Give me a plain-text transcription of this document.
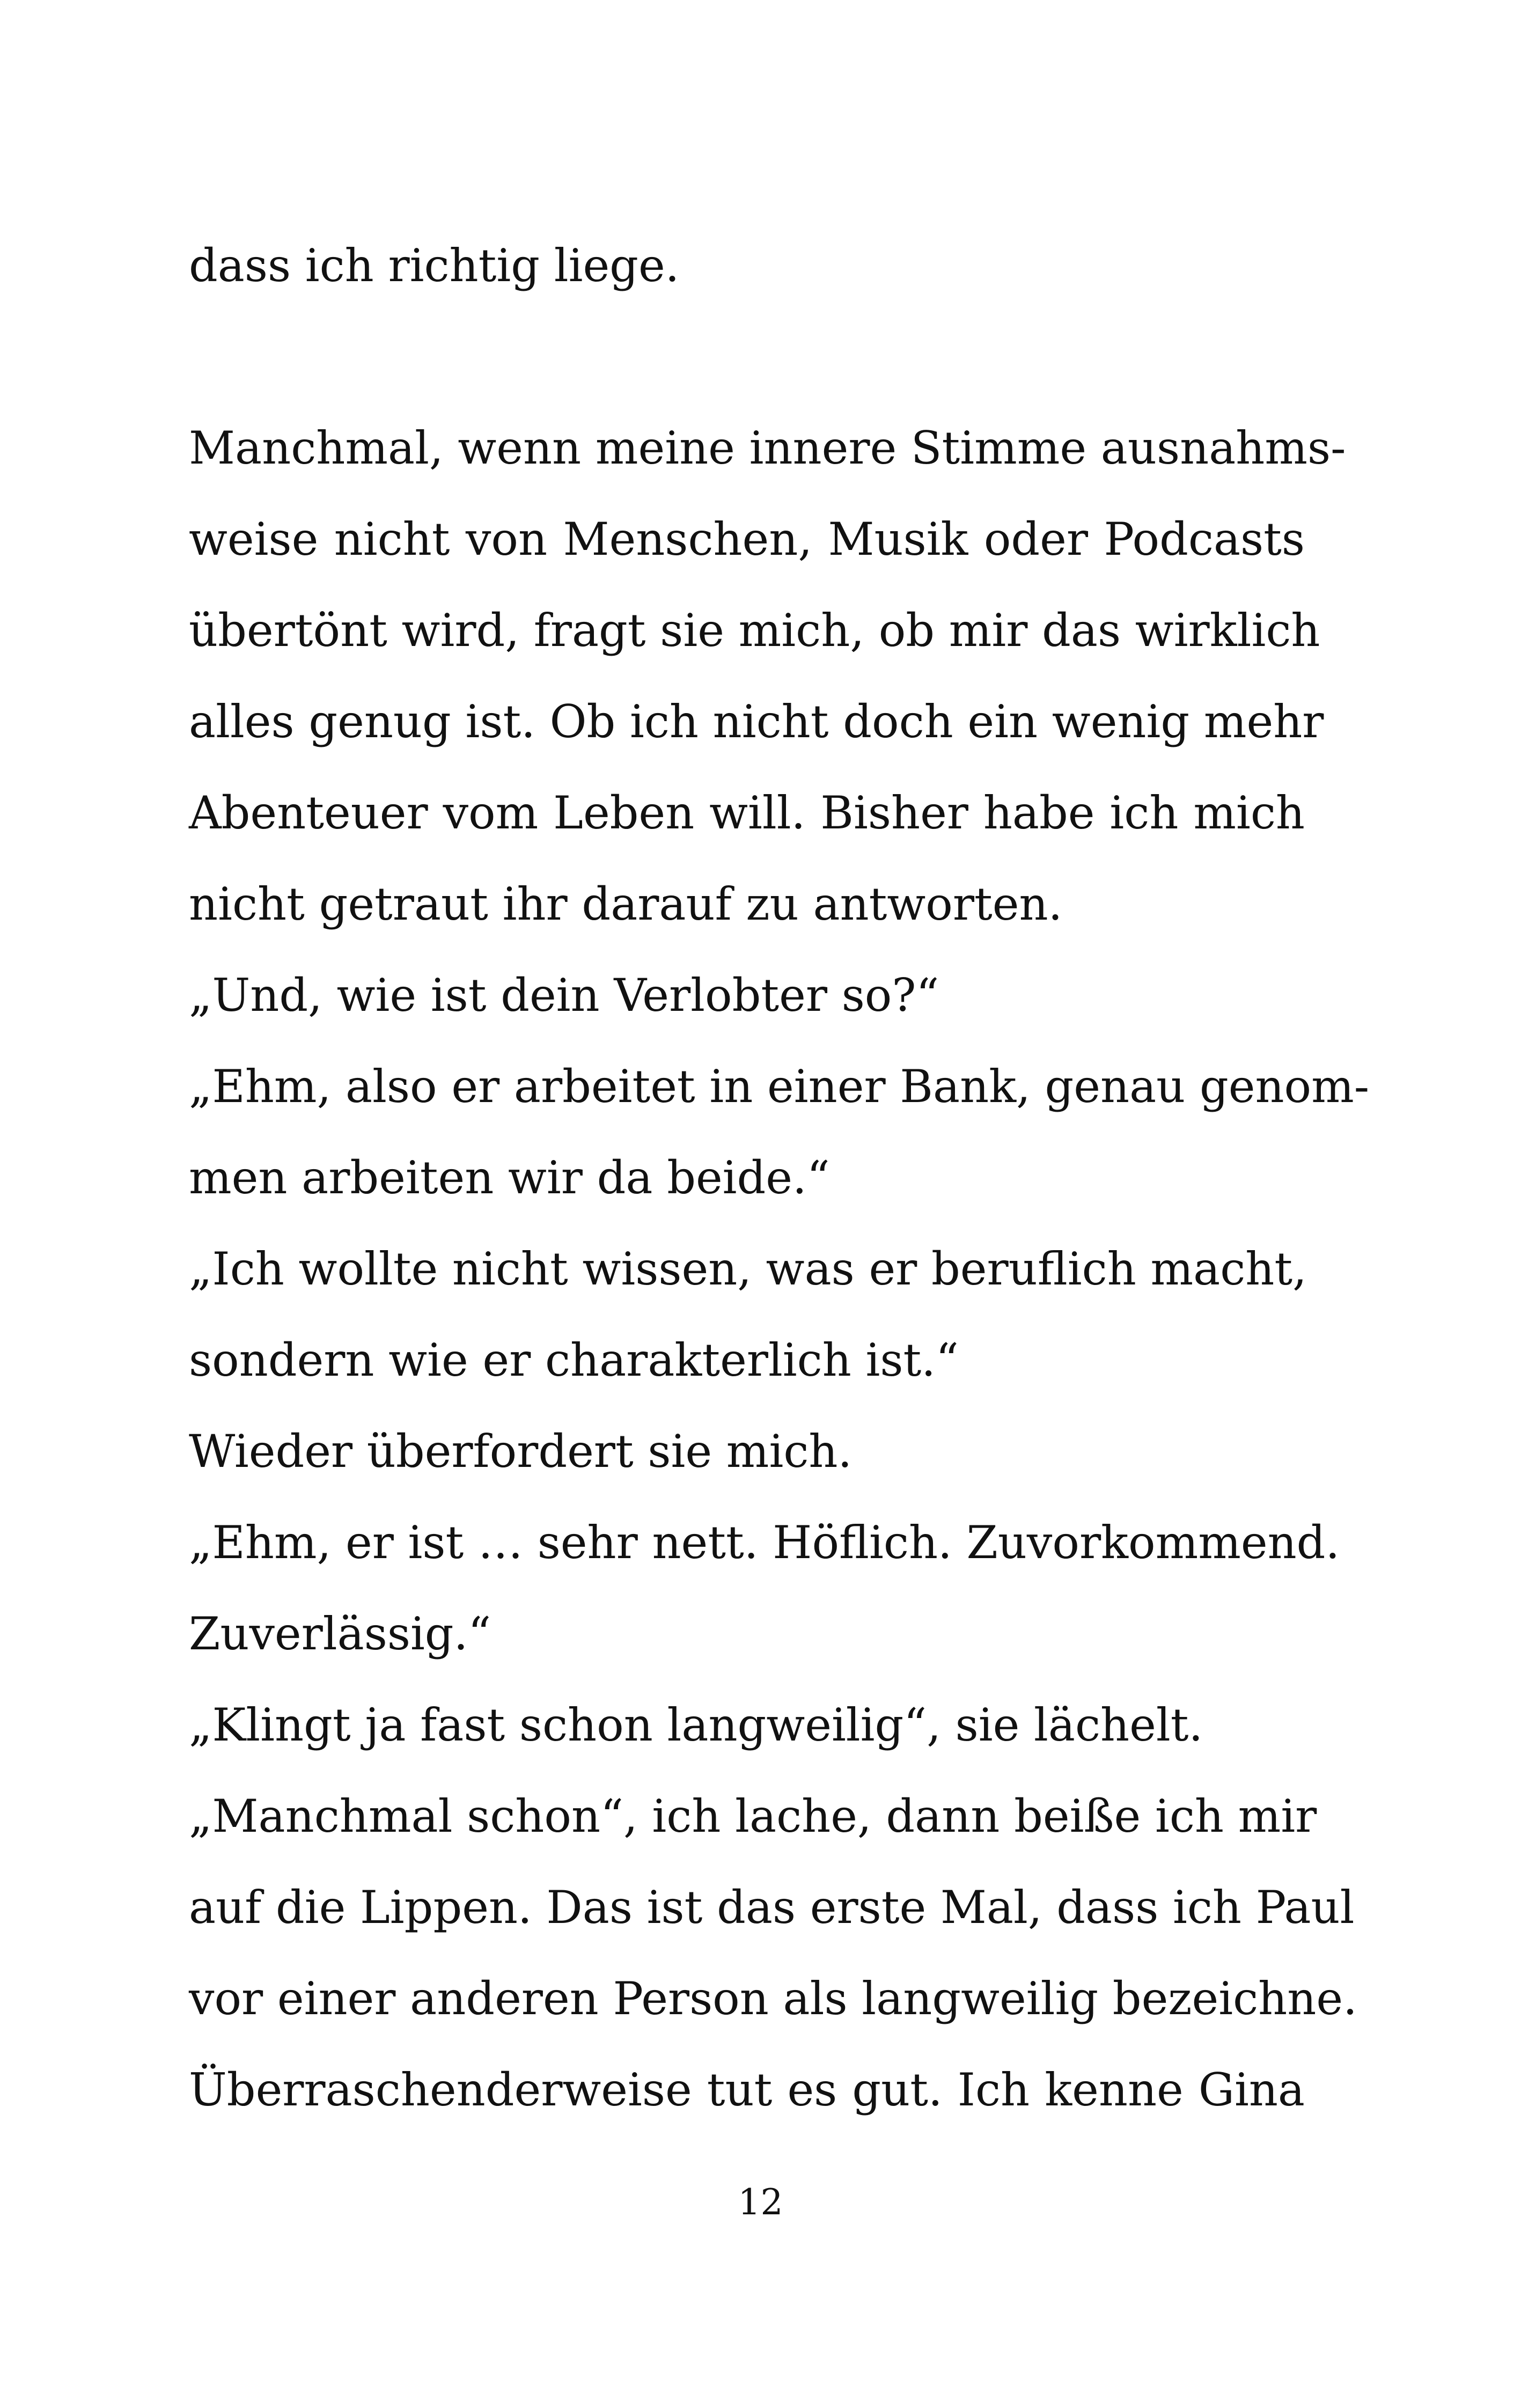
dass ich richtig liege.
Manchmal, wenn meine innere Stimme ausnahms-
weise nicht von Menschen, Musik oder Podcasts
übertönt wird, fragt sie mich, ob mir das wirklich
alles genug ist. Ob ich nicht doch ein wenig mehr
Abenteuer vom Leben will. Bisher habe ich mich
nicht getraut ihr darauf zu antworten.
„Und, wie ist dein Verlobter so?“
„Ehm, also er arbeitet in einer Bank, genau genom-
men arbeiten wir da beide.“
„Ich wollte nicht wissen, was er beruflich macht,
sondern wie er charakterlich ist.“
Wieder überfordert sie mich.
„Ehm, er ist … sehr nett. Höflich. Zuvorkommend.
Zuverlässig.“
„Klingt ja fast schon langweilig“, sie lächelt.
„Manchmal schon“, ich lache, dann beiße ich mir
auf die Lippen. Das ist das erste Mal, dass ich Paul
vor einer anderen Person als langweilig bezeichne.
Überraschenderweise tut es gut. Ich kenne Gina
12
